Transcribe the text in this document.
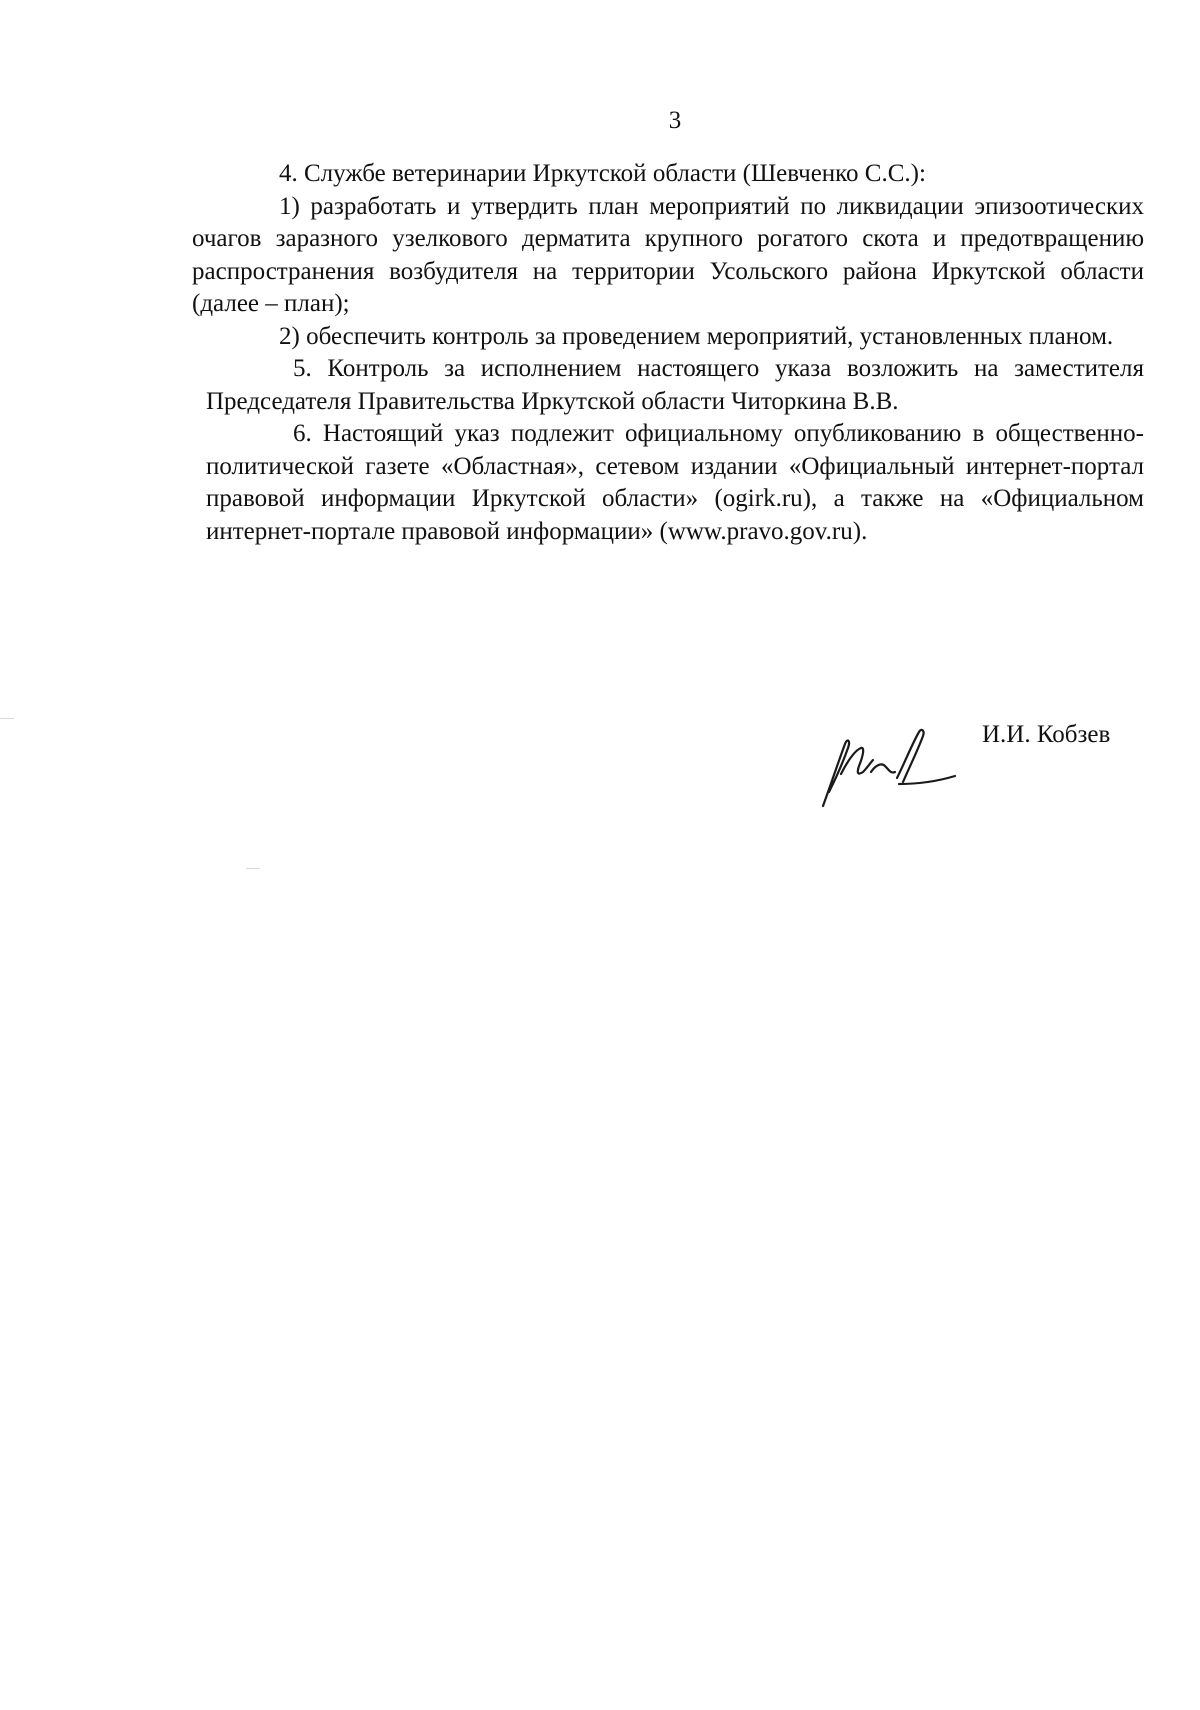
3

4. Службе ветеринарии Иркутской области (Шевченко С.С.):

1) разработать и утвердить план мероприятий по ликвидации эпизоотических очагов заразного узелкового дерматита крупного рогатого скота и предотвращению распространения возбудителя на территории Усольского района Иркутской области (далее – план);

2) обеспечить контроль за проведением мероприятий, установленных планом.

5. Контроль за исполнением настоящего указа возложить на заместителя Председателя Правительства Иркутской области Читоркина В.В.

6. Настоящий указ подлежит официальному опубликованию в общественно-политической газете «Областная», сетевом издании «Официальный интернет-портал правовой информации Иркутской области» (ogirk.ru), а также на «Официальном интернет-портале правовой информации» (www.pravo.gov.ru).

И.И. Кобзев
